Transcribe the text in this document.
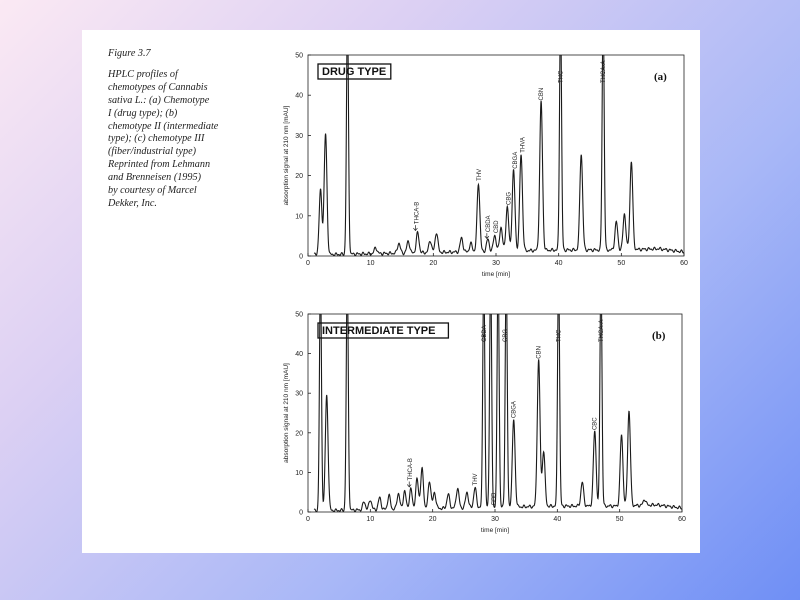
Figure 3.7
HPLC profiles of
chemotypes of Cannabis
sativa L.: (a) Chemotype
I (drug type); (b)
chemotype II (intermediate
type); (c) chemotype III
(fiber/industrial type)
Reprinted from Lehmann
and Brenneisen (1995)
by courtesy of Marcel
Dekker, Inc.
0	10	20	30	40	50	60
0
10
20
30
40
50
time [min]
absorption signal at 210 nm [mAU]
DRUG TYPE	(a)
THCA-B	CBDA CBD
THV
CBG
CBGA
THVA
CBN
THC	THCA-A
0	10	20	30	40	50	60
0
10
20
30
40
50
time [min]
absorption signal at 210 nm [mAU]
INTERMEDIATE TYPE	(b)
THCA-B	THV
CBDA
CBD
CBG
CBGA
CBN
THC
CBC
THCA-A
